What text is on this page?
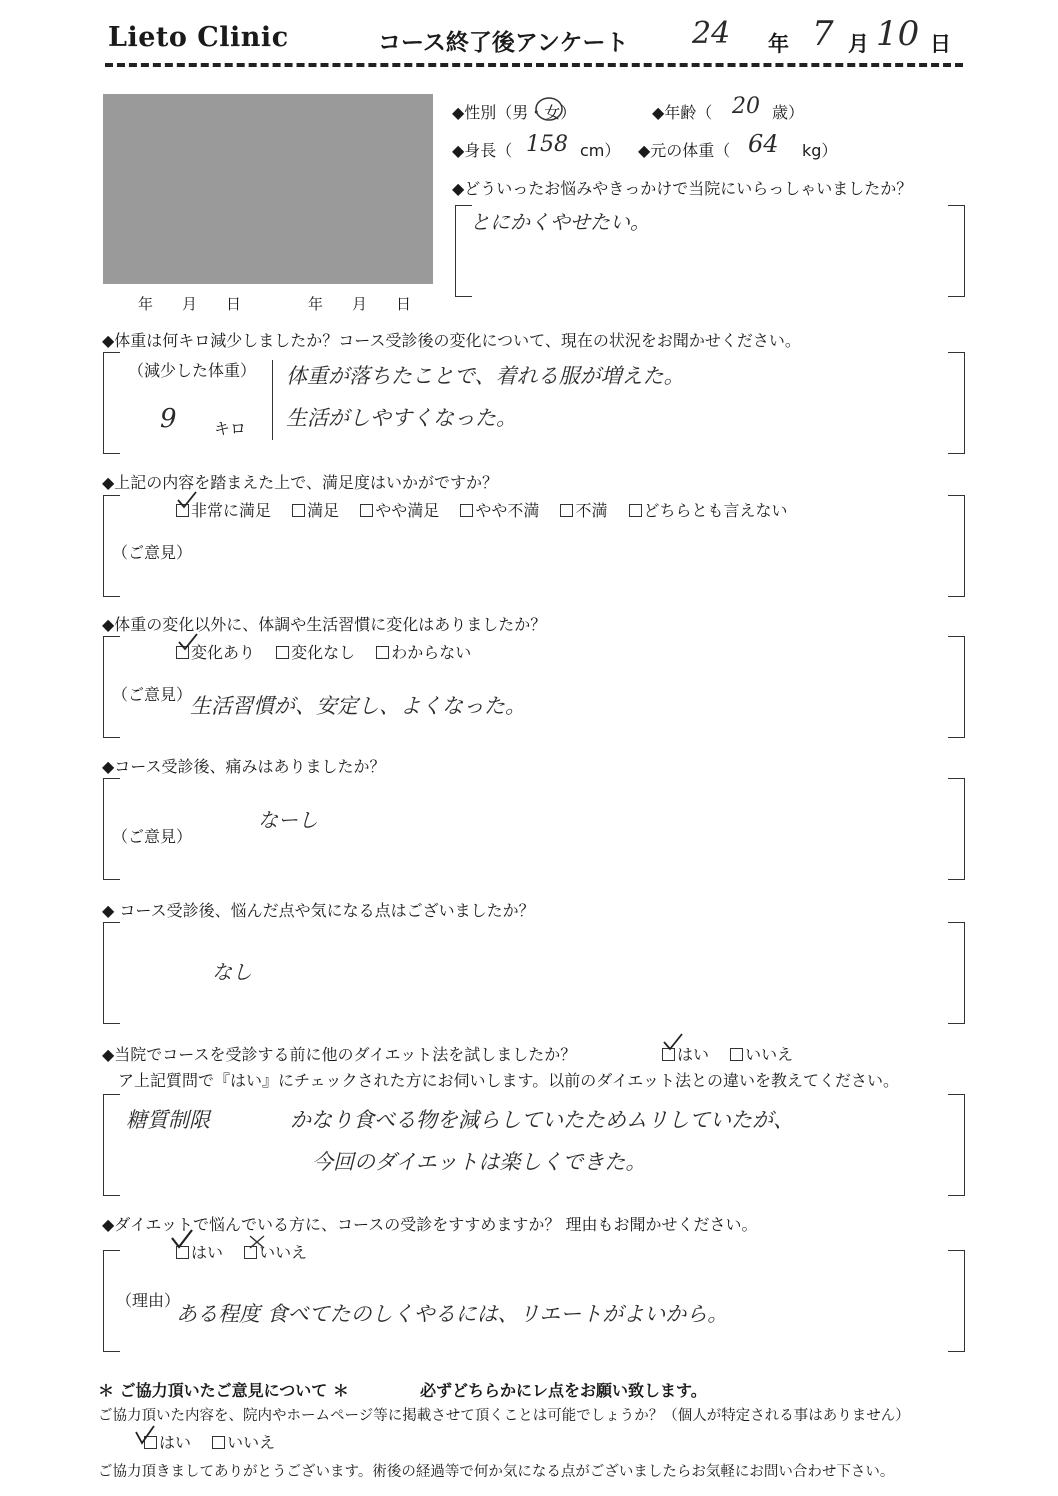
Lieto Clinic	コース終了後アンケート 24 年 7 月 10 日
年 月 日	年 月 日
◆性別（男・女）	◆年齢（ 20 歳）
◆身長（ 158 cm） ◆元の体重（ 64 kg）
◆どういったお悩みやきっかけで当院にいらっしゃいましたか？
とにかくやせたい。
◆体重は何キロ減少しましたか？コース受診後の変化について、現在の状況をお聞かせください。
（減少した体重）
9 キロ
体重が落ちたことで、着れる服が増えた。
生活がしやすくなった。
◆上記の内容を踏まえた上で、満足度はいかがですか？
非常に満足 満足 やや満足 やや不満 不満 どちらとも言えない
（ご意見）
◆体重の変化以外に、体調や生活習慣に変化はありましたか？
変化あり 変化なし わからない
（ご意見）
生活習慣が、安定し、よくなった。
◆コース受診後、痛みはありましたか？
（ご意見）
なーし
◆ コース受診後、悩んだ点や気になる点はございましたか？
なし
◆当院でコースを受診する前に他のダイエット法を試しましたか？	はい いいえ
ア上記質問で『はい』にチェックされた方にお伺いします。以前のダイエット法との違いを教えてください。
糖質制限	かなり食べる物を減らしていたためムリしていたが、
今回のダイエットは楽しくできた。
◆ダイエットで悩んでいる方に、コースの受診をすすめますか？ 理由もお聞かせください。
はい いいえ
（理由）
ある程度 食べてたのしくやるには、リエートがよいから。
＊ ご協力頂いたご意見について ＊	必ずどちらかにレ点をお願い致します。
ご協力頂いた内容を、院内やホームページ等に掲載させて頂くことは可能でしょうか？（個人が特定される事はありません）
はい いいえ
ご協力頂きましてありがとうございます。術後の経過等で何か気になる点がございましたらお気軽にお問い合わせ下さい。
